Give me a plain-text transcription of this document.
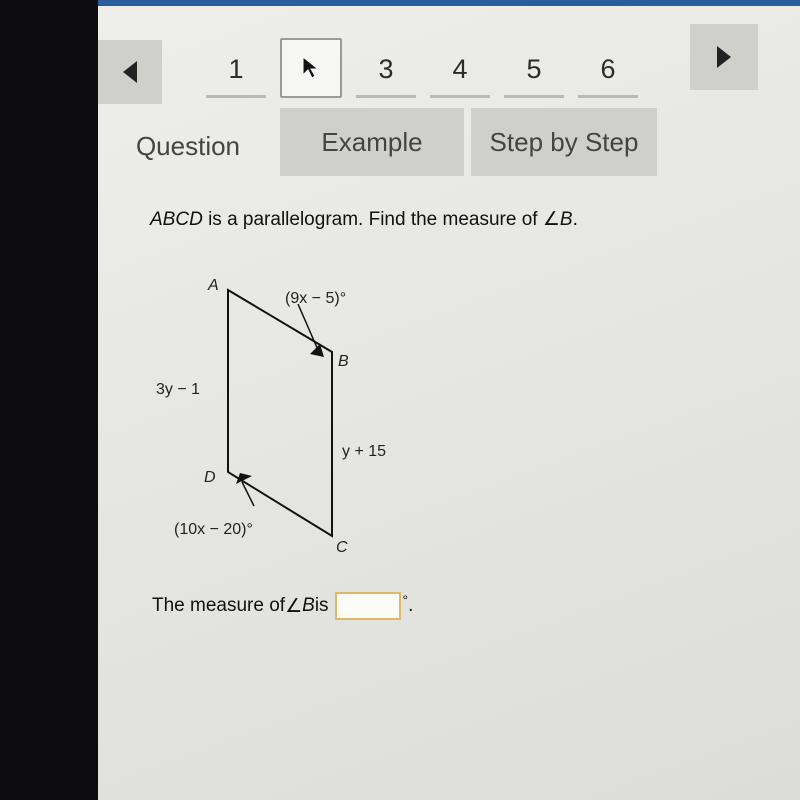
1	3 4 5 6
Question	Example	Step by Step
ABCD is a parallelogram. Find the measure of ∠B.
A
B
C
D
(9x − 5)°
(10x − 20)°
3y − 1
y + 15
The measure of ∠ B is	° .
